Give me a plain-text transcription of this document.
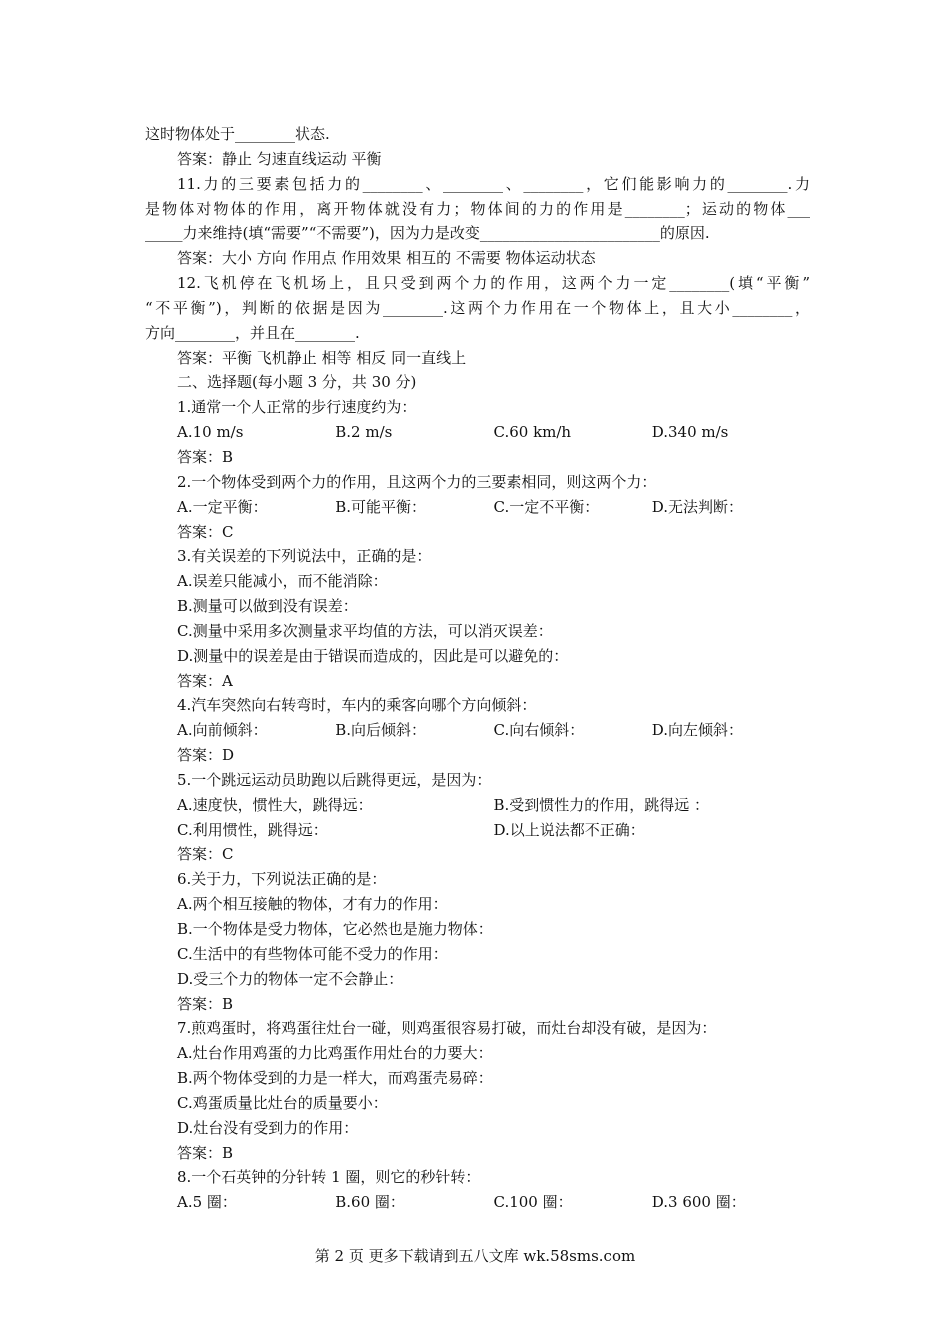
这时物体处于________状态.
答案：静止 匀速直线运动 平衡
11.力的三要素包括力的________、________、________，它们能影响力的________.力
是物体对物体的作用，离开物体就没有力；物体间的力的作用是________；运动的物体___
_____力来维持(填“需要”“不需要”)，因为力是改变________________________的原因.
答案：大小 方向 作用点 作用效果 相互的 不需要 物体运动状态
12.飞机停在飞机场上，且只受到两个力的作用，这两个力一定________(填“平衡”
“不平衡”)，判断的依据是因为________.这两个力作用在一个物体上，且大小________，
方向________，并且在________.
答案：平衡 飞机静止 相等 相反 同一直线上
二、选择题(每小题 3 分，共 30 分)
1.通常一个人正常的步行速度约为：
A.10 m/s	B.2 m/s	C.60 km/h	D.340 m/s
答案：B
2.一个物体受到两个力的作用，且这两个力的三要素相同，则这两个力：
A.一定平衡：	B.可能平衡：	C.一定不平衡：	D.无法判断：
答案：C
3.有关误差的下列说法中，正确的是：
A.误差只能减小，而不能消除：
B.测量可以做到没有误差：
C.测量中采用多次测量求平均值的方法，可以消灭误差：
D.测量中的误差是由于错误而造成的，因此是可以避免的：
答案：A
4.汽车突然向右转弯时，车内的乘客向哪个方向倾斜：
A.向前倾斜：	B.向后倾斜：	C.向右倾斜：	D.向左倾斜：
答案：D
5.一个跳远运动员助跑以后跳得更远，是因为：
A.速度快，惯性大，跳得远：	B.受到惯性力的作用，跳得远 ：
C.利用惯性，跳得远：	D.以上说法都不正确：
答案：C
6.关于力，下列说法正确的是：
A.两个相互接触的物体，才有力的作用：
B.一个物体是受力物体，它必然也是施力物体：
C.生活中的有些物体可能不受力的作用：
D.受三个力的物体一定不会静止：
答案：B
7.煎鸡蛋时，将鸡蛋往灶台一碰，则鸡蛋很容易打破，而灶台却没有破，是因为：
A.灶台作用鸡蛋的力比鸡蛋作用灶台的力要大：
B.两个物体受到的力是一样大，而鸡蛋壳易碎：
C.鸡蛋质量比灶台的质量要小：
D.灶台没有受到力的作用：
答案：B
8.一个石英钟的分针转 1 圈，则它的秒针转：
A.5 圈：	B.60 圈：	C.100 圈：	D.3 600 圈：
第 2 页 更多下载请到五八文库 wk.58sms.com
